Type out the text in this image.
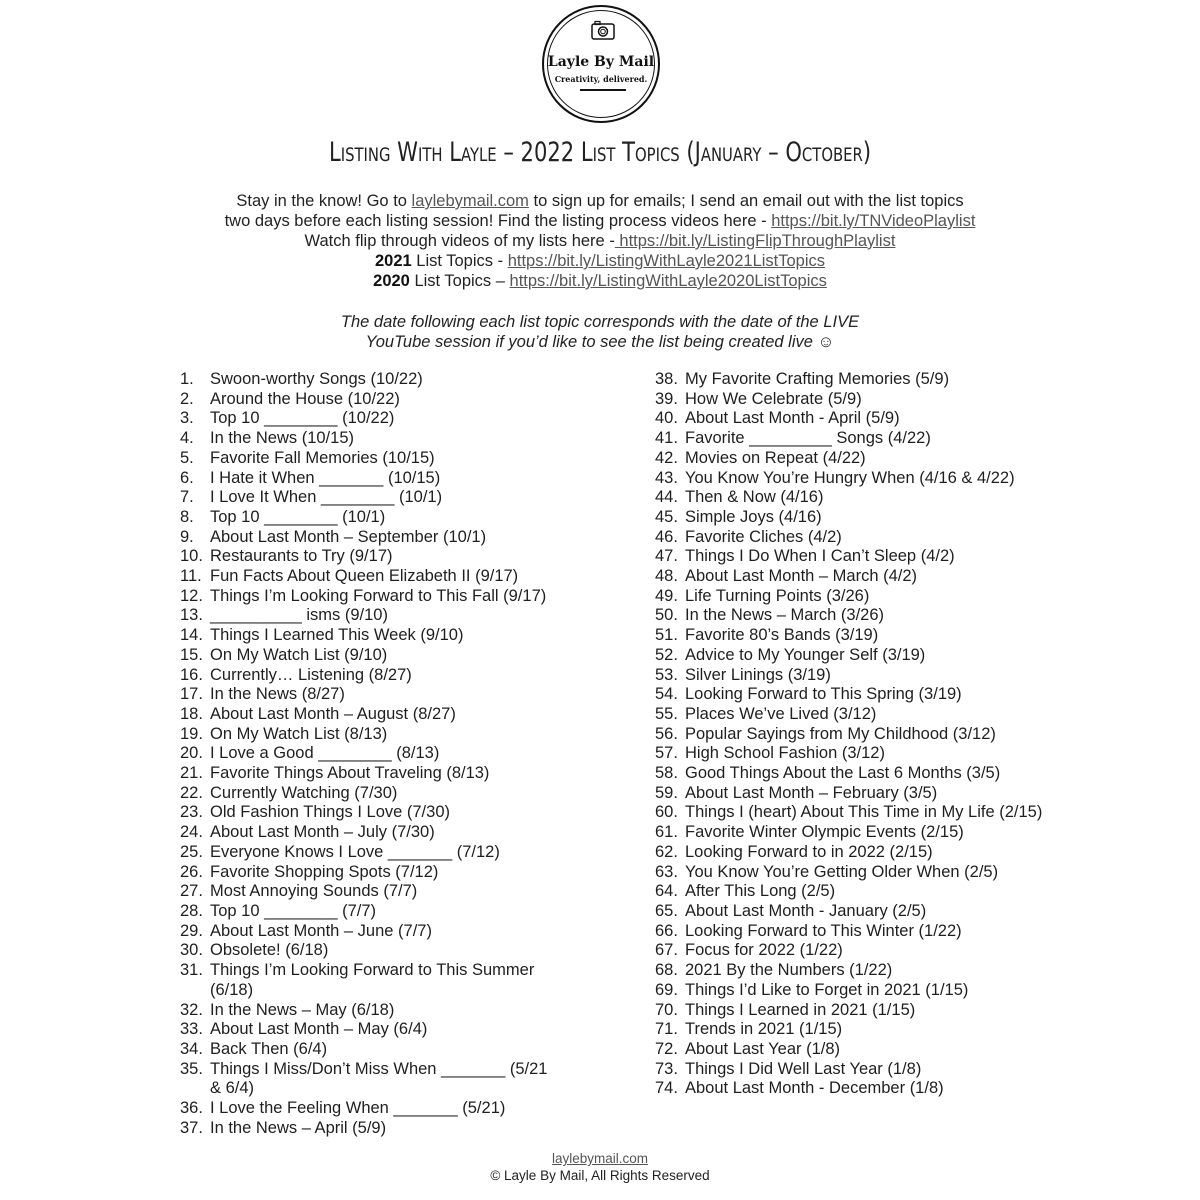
Layle By Mail
Creativity, delivered.
Listing With Layle – 2022 List Topics (January – October)
Stay in the know! Go to laylebymail.com to sign up for emails; I send an email out with the list topics
two days before each listing session! Find the listing process videos here - https://bit.ly/TNVideoPlaylist
Watch flip through videos of my lists here - https://bit.ly/ListingFlipThroughPlaylist
2021 List Topics - https://bit.ly/ListingWithLayle2021ListTopics
2020 List Topics – https://bit.ly/ListingWithLayle2020ListTopics
The date following each list topic corresponds with the date of the LIVE
YouTube session if you’d like to see the list being created live ☺
1. Swoon-worthy Songs (10/22)
2. Around the House (10/22)
3. Top 10 ________ (10/22)
4. In the News (10/15)
5. Favorite Fall Memories (10/15)
6. I Hate it When _______ (10/15)
7. I Love It When ________ (10/1)
8. Top 10 ________ (10/1)
9. About Last Month – September (10/1)
10. Restaurants to Try (9/17)
11. Fun Facts About Queen Elizabeth II (9/17)
12. Things I’m Looking Forward to This Fall (9/17)
13. __________ isms (9/10)
14. Things I Learned This Week (9/10)
15. On My Watch List (9/10)
16. Currently… Listening (8/27)
17. In the News (8/27)
18. About Last Month – August (8/27)
19. On My Watch List (8/13)
20. I Love a Good ________ (8/13)
21. Favorite Things About Traveling (8/13)
22. Currently Watching (7/30)
23. Old Fashion Things I Love (7/30)
24. About Last Month – July (7/30)
25. Everyone Knows I Love _______ (7/12)
26. Favorite Shopping Spots (7/12)
27. Most Annoying Sounds (7/7)
28. Top 10 ________ (7/7)
29. About Last Month – June (7/7)
30. Obsolete! (6/18)
31. Things I’m Looking Forward to This Summer (6/18)
32. In the News – May (6/18)
33. About Last Month – May (6/4)
34. Back Then (6/4)
35. Things I Miss/Don’t Miss When _______ (5/21 & 6/4)
36. I Love the Feeling When _______ (5/21)
37. In the News – April (5/9)
38. My Favorite Crafting Memories (5/9)
39. How We Celebrate (5/9)
40. About Last Month - April (5/9)
41. Favorite _________ Songs (4/22)
42. Movies on Repeat (4/22)
43. You Know You’re Hungry When (4/16 & 4/22)
44. Then & Now (4/16)
45. Simple Joys (4/16)
46. Favorite Cliches (4/2)
47. Things I Do When I Can’t Sleep (4/2)
48. About Last Month – March (4/2)
49. Life Turning Points (3/26)
50. In the News – March (3/26)
51. Favorite 80’s Bands (3/19)
52. Advice to My Younger Self (3/19)
53. Silver Linings (3/19)
54. Looking Forward to This Spring (3/19)
55. Places We’ve Lived (3/12)
56. Popular Sayings from My Childhood (3/12)
57. High School Fashion (3/12)
58. Good Things About the Last 6 Months (3/5)
59. About Last Month – February (3/5)
60. Things I (heart) About This Time in My Life (2/15)
61. Favorite Winter Olympic Events (2/15)
62. Looking Forward to in 2022 (2/15)
63. You Know You’re Getting Older When (2/5)
64. After This Long (2/5)
65. About Last Month - January (2/5)
66. Looking Forward to This Winter (1/22)
67. Focus for 2022 (1/22)
68. 2021 By the Numbers (1/22)
69. Things I’d Like to Forget in 2021 (1/15)
70. Things I Learned in 2021 (1/15)
71. Trends in 2021 (1/15)
72. About Last Year (1/8)
73. Things I Did Well Last Year (1/8)
74. About Last Month - December (1/8)
laylebymail.com
© Layle By Mail, All Rights Reserved
